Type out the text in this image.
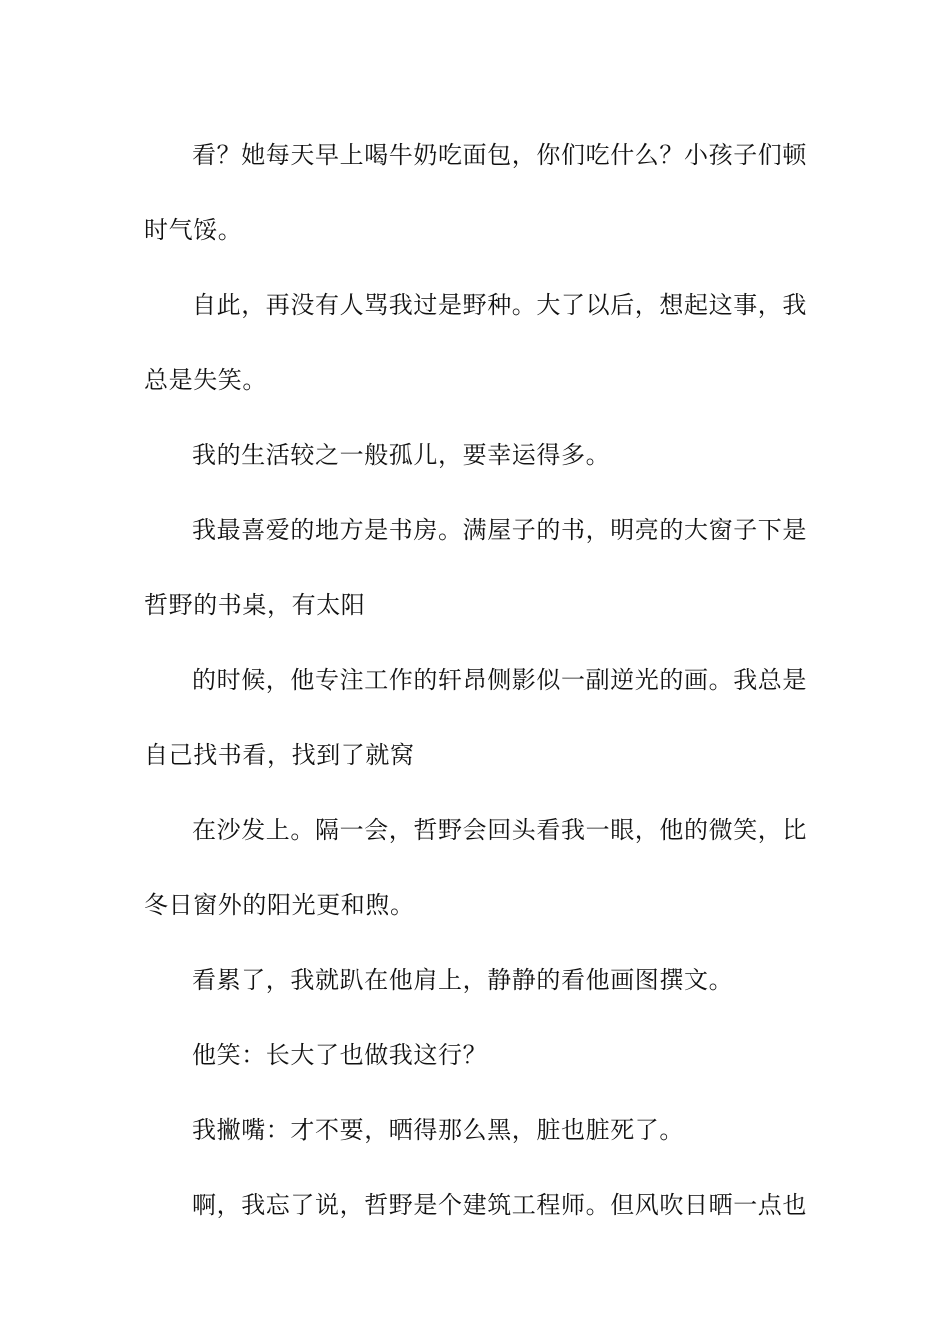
看？她每天早上喝牛奶吃面包，你们吃什么？小孩子们顿
时气馁。
自此，再没有人骂我过是野种。大了以后，想起这事，我
总是失笑。
我的生活较之一般孤儿，要幸运得多。
我最喜爱的地方是书房。满屋子的书，明亮的大窗子下是
哲野的书桌，有太阳
的时候，他专注工作的轩昂侧影似一副逆光的画。我总是
自己找书看，找到了就窝
在沙发上。隔一会，哲野会回头看我一眼，他的微笑，比
冬日窗外的阳光更和煦。
看累了，我就趴在他肩上，静静的看他画图撰文。
他笑：长大了也做我这行？
我撇嘴：才不要，晒得那么黑，脏也脏死了。
啊，我忘了说，哲野是个建筑工程师。但风吹日晒一点也
